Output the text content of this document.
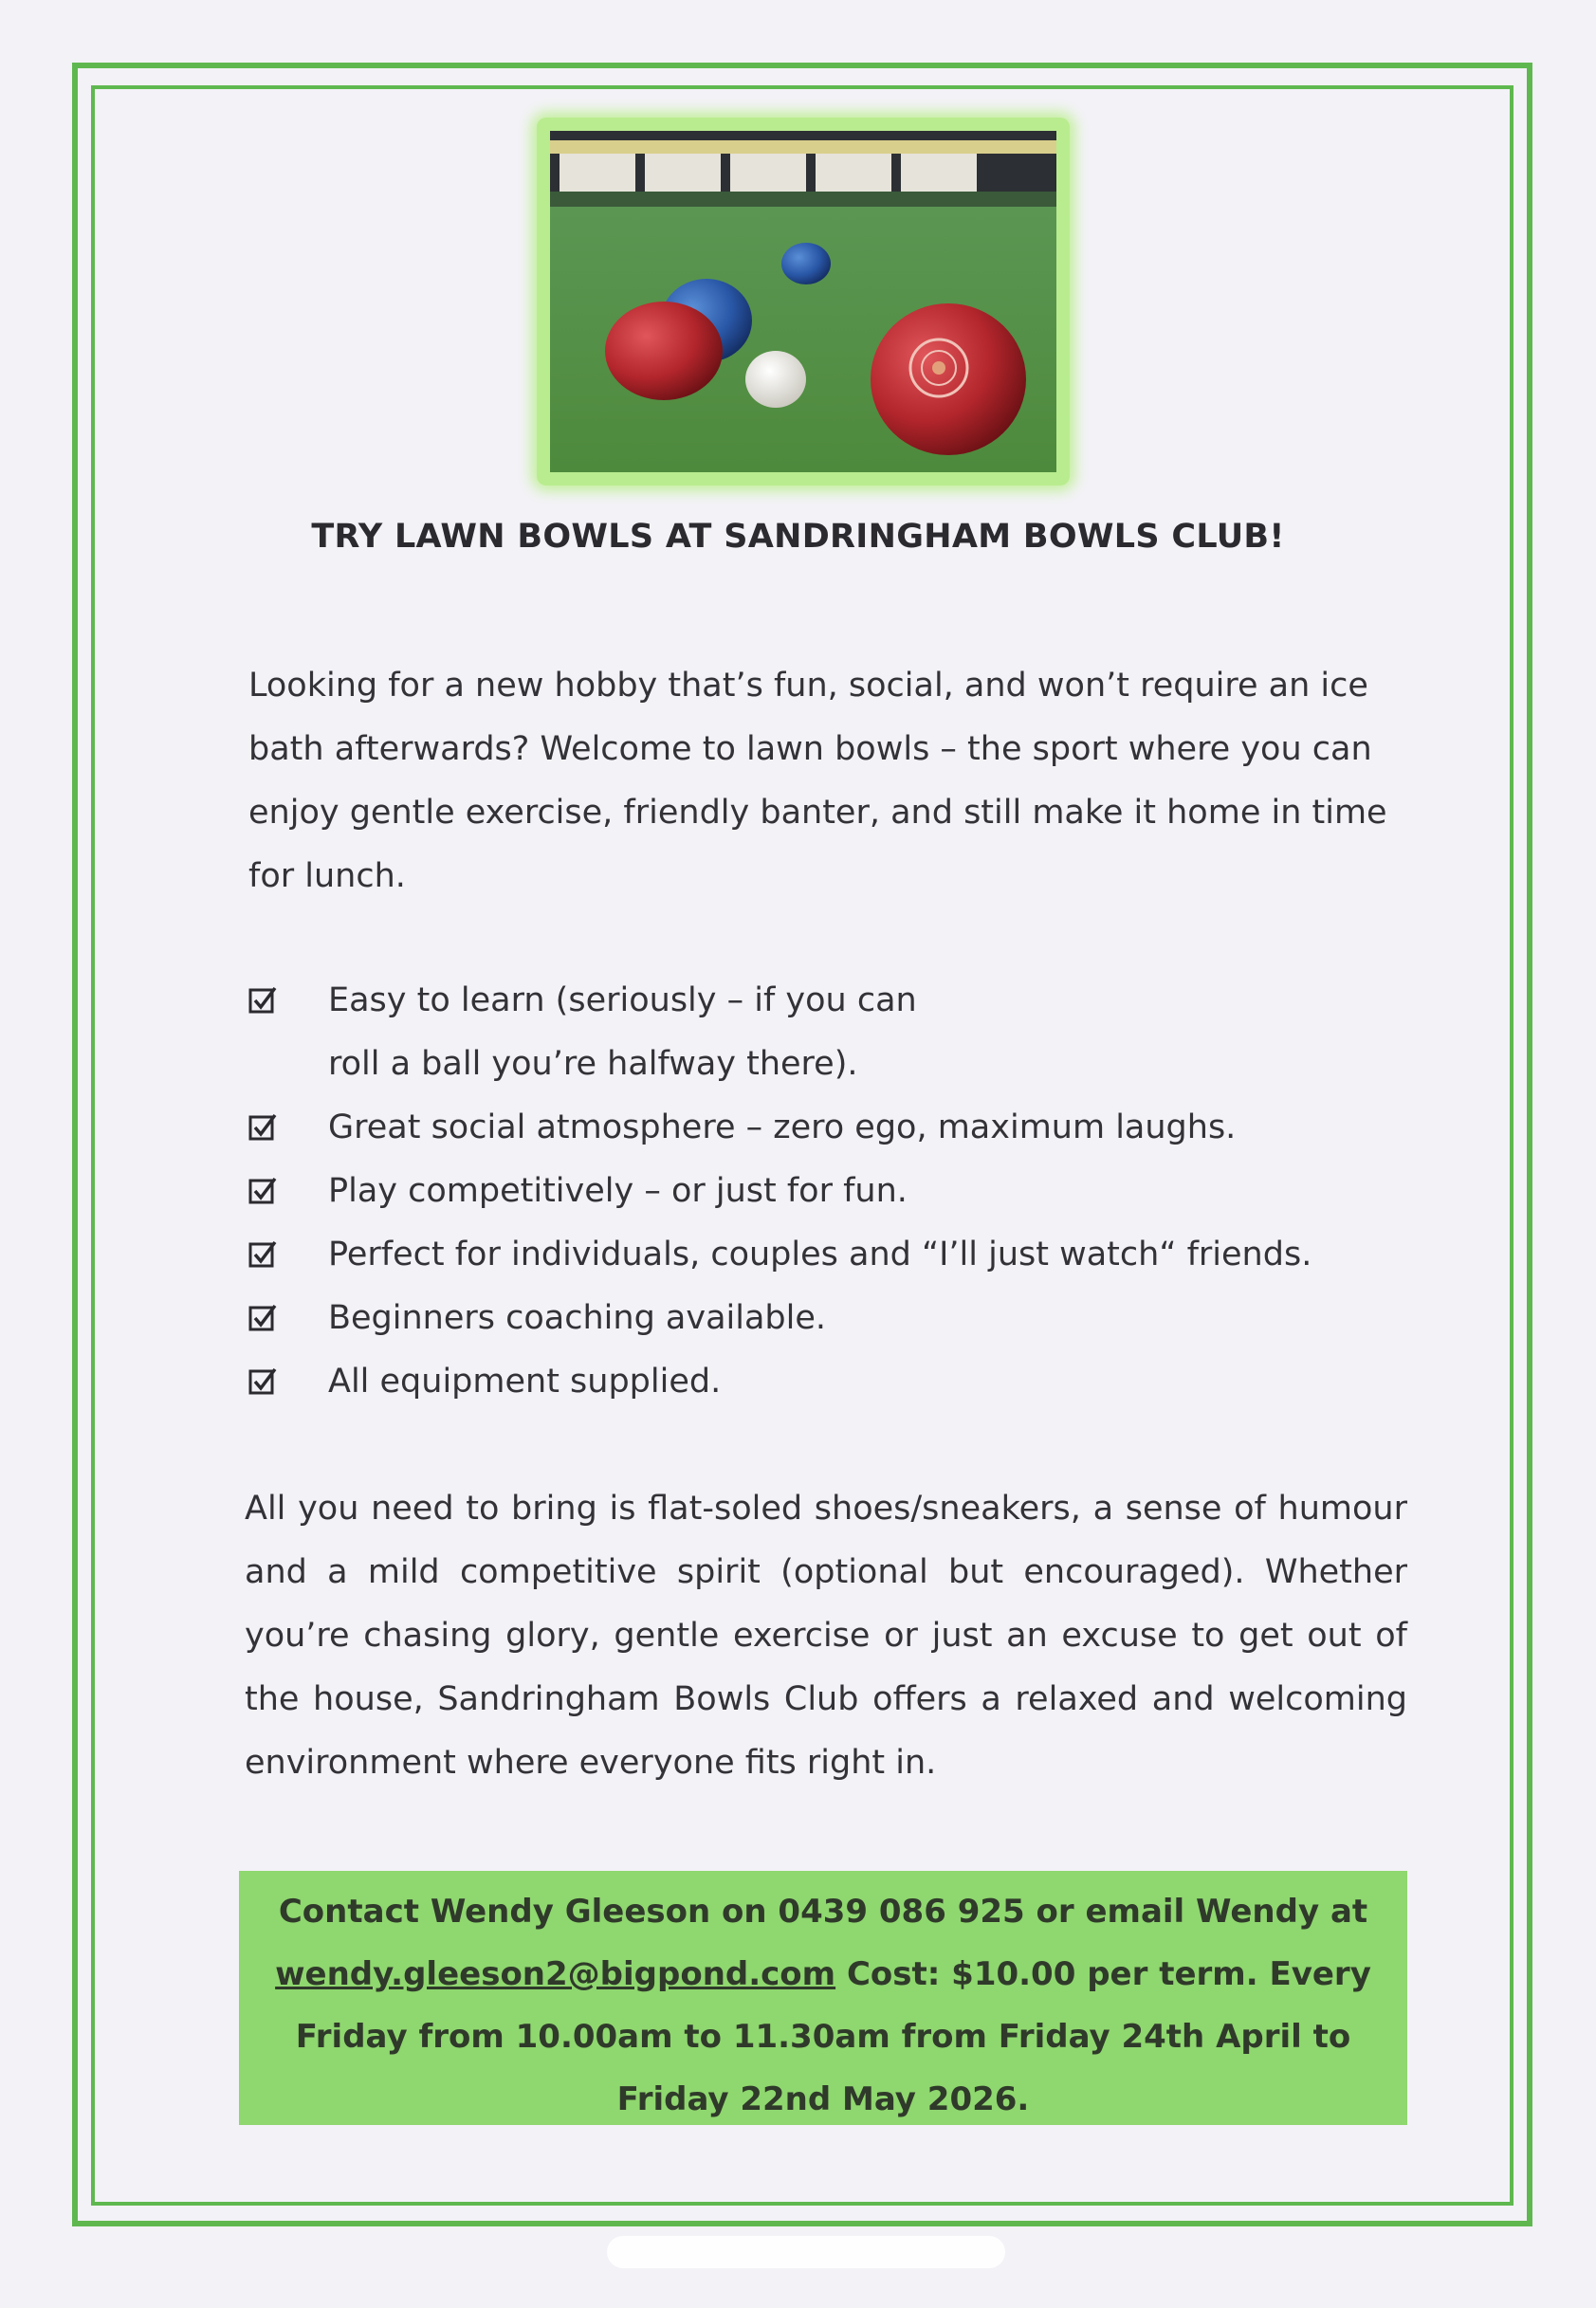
TRY LAWN BOWLS AT SANDRINGHAM BOWLS CLUB!
Looking for a new hobby that’s fun, social, and won’t require an ice bath afterwards? Welcome to lawn bowls – the sport where you can enjoy gentle exercise, friendly banter, and still make it home in time for lunch.
Easy to learn (seriously – if you can roll a ball you’re halfway there).
Great social atmosphere – zero ego, maximum laughs.
Play competitively – or just for fun.
Perfect for individuals, couples and “I’ll just watch“ friends.
Beginners coaching available.
All equipment supplied.
All you need to bring is flat-soled shoes/sneakers, a sense of humour and a mild competitive spirit (optional but encouraged). Whether you’re chasing glory, gentle exercise or just an excuse to get out of the house, Sandringham Bowls Club offers a relaxed and welcoming environment where everyone fits right in.
Contact Wendy Gleeson on 0439 086 925 or email Wendy at wendy.gleeson2@bigpond.com Cost: $10.00 per term. Every Friday from 10.00am to 11.30am from Friday 24th April to Friday 22nd May 2026.
